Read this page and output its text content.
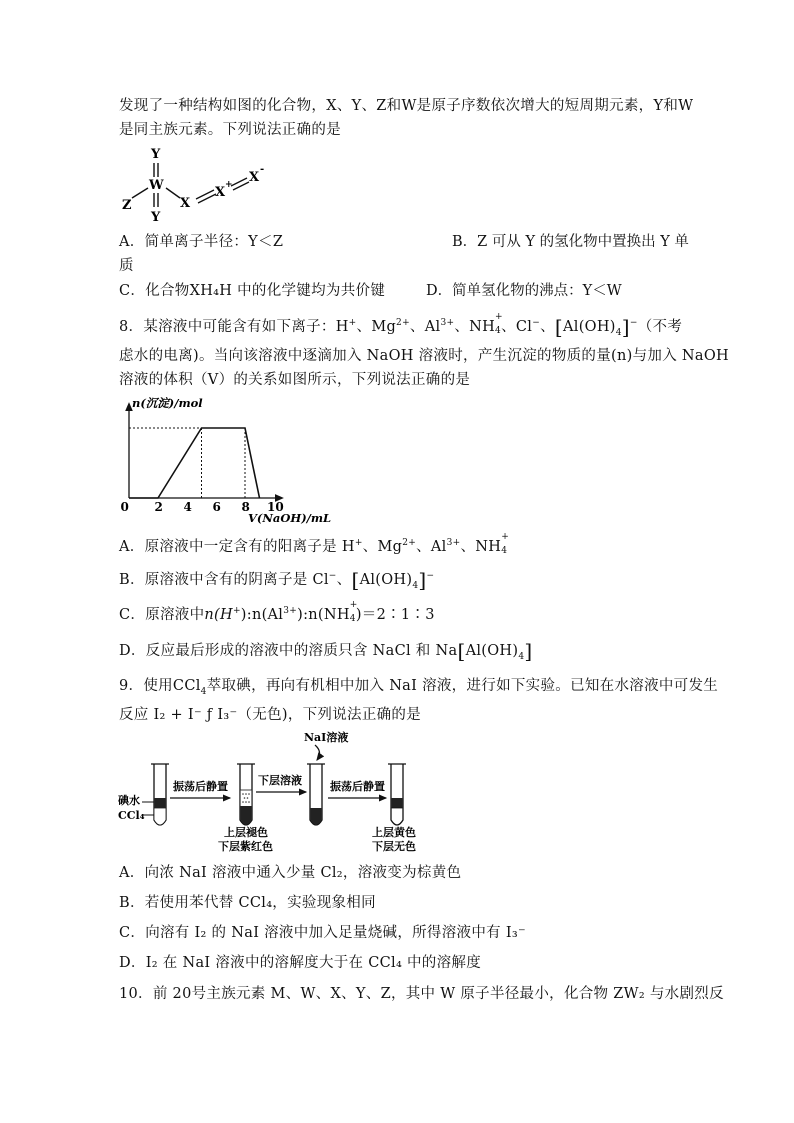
发现了一种结构如图的化合物，X、Y、Z和W是原子序数依次增大的短周期元素，Y和W
是同主族元素。下列说法正确的是
Y
W
Y
Z	X
X + X
-
A．简单离子半径：Y＜Z	B．Z 可从 Y 的氢化物中置换出 Y 单
质
C．化合物XH₄H 中的化学键均为共价键	D．简单氢化物的沸点：Y＜W
8．某溶液中可能含有如下离子：H+、$Mg^{2+}$、$Al^{3+}$、NH
+
4 、Cl−、$[Al(OH)_4]^-$（不考
虑水的电离)。当向该溶液中逐滴加入 NaOH 溶液时，产生沉淀的物质的量(n)与加入 NaOH
溶液的体积（V）的关系如图所示，下列说法正确的是
n(沉淀)/mol
V(NaOH)/mL
0 2 4 6 8 10
A．原溶液中一定含有的阳离子是 H+、$Mg^{2+}$、$Al^{3+}$、NH
+
4
B．原溶液中含有的阴离子是 Cl−、$[Al(OH)_4]^-$
C．原溶液中$n(H^+):n(Al^{3+}):n(NH$
+
4 )＝2∶1∶3
D．反应最后形成的溶液中的溶质只含 NaCl 和 $Na[Al(OH)_4]$
9．使用CCl$_4$萃取碘，再向有机相中加入 NaI 溶液，进行如下实验。已知在水溶液中可发生
反应 I₂ + I⁻ ƒ I₃⁻（无色)，下列说法正确的是
碘水
CCl₄
振荡后静置
上层褪色
下层紫红色
下层溶液
NaI溶液
振荡后静置
上层黄色
下层无色
A．向浓 NaI 溶液中通入少量 Cl₂，溶液变为棕黄色
B．若使用苯代替 CCl₄，实验现象相同
C．向溶有 I₂ 的 NaI 溶液中加入足量烧碱，所得溶液中有 I₃⁻
D．I₂ 在 NaI 溶液中的溶解度大于在 CCl₄ 中的溶解度
10．前 20号主族元素 M、W、X、Y、Z，其中 W 原子半径最小，化合物 ZW₂ 与水剧烈反
